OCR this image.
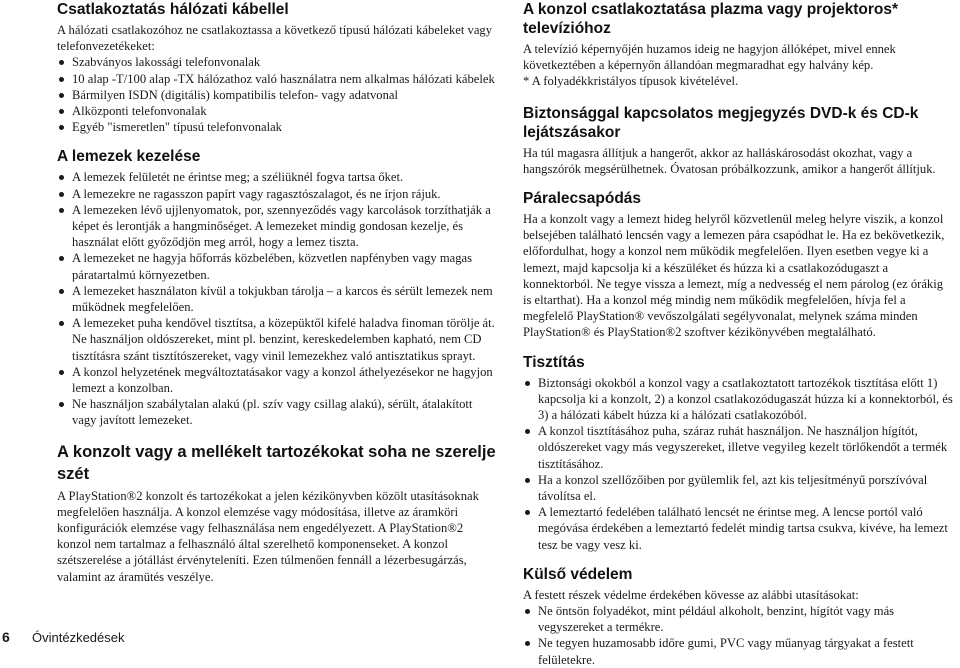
Csatlakoztatás hálózati kábellel

A hálózati csatlakozóhoz ne csatlakoztassa a következő típusú hálózati kábeleket vagy telefonvezetékeket:

Szabványos lakossági telefonvonalak
10 alap -T/100 alap -TX hálózathoz való használatra nem alkalmas hálózati kábelek
Bármilyen ISDN (digitális) kompatibilis telefon- vagy adatvonal
Alközponti telefonvonalak
Egyéb "ismeretlen" típusú telefonvonalak
A lemezek kezelése
A lemezek felületét ne érintse meg; a széliüknél fogva tartsa őket.
A lemezekre ne ragasszon papírt vagy ragasztószalagot, és ne írjon rájuk.
A lemezeken lévő ujjlenyomatok, por, szennyeződés vagy karcolások torzíthatják a képet és lerontják a hangminőséget. A lemezeket mindig gondosan kezelje, és használat előtt győződjön meg arról, hogy a lemez tiszta.
A lemezeket ne hagyja hőforrás közbelében, közvetlen napfényben vagy magas páratartalmú környezetben.
A lemezeket használaton kívül a tokjukban tárolja – a karcos és sérült lemezek nem működnek megfelelően.
A lemezeket puha kendővel tisztítsa, a közepüktől kifelé haladva finoman törölje át. Ne használjon oldószereket, mint pl. benzint, kereskedelemben kapható, nem CD tisztításra szánt tisztítószereket, vagy vinil lemezekhez való antisztatikus sprayt.
A konzol helyzetének megváltoztatásakor vagy a konzol áthelyezésekor ne hagyjon lemezt a konzolban.
Ne használjon szabálytalan alakú (pl. szív vagy csillag alakú), sérült, átalakított vagy javított lemezeket.
A konzolt vagy a mellékelt tartozékokat soha ne szerelje szét

A PlayStation®2 konzolt és tartozékokat a jelen kézikönyvben közölt utasításoknak megfelelően használja. A konzol elemzése vagy módosítása, illetve az áramköri konfigurációk elemzése vagy felhasználása nem engedélyezett. A PlayStation®2 konzol nem tartalmaz a felhasználó által szerelhető komponenseket. A konzol szétszerelése a jótállást érvényteleníti. Ezen túlmenően fennáll a lézerbesugárzás, valamint az áramütés veszélye.

A konzol csatlakoztatása plazma vagy projektoros* televízióhoz

A televízió képernyőjén huzamos ideig ne hagyjon állóképet, mivel ennek következtében a képernyőn állandóan megmaradhat egy halvány kép.

* A folyadékkristályos típusok kivételével.

Biztonsággal kapcsolatos megjegyzés DVD-k és CD-k lejátszásakor

Ha túl magasra állítjuk a hangerőt, akkor az halláskárosodást okozhat, vagy a hangszórók megsérülhetnek. Óvatosan próbálkozzunk, amikor a hangerőt állítjuk.

Páralecsapódás

Ha a konzolt vagy a lemezt hideg helyről közvetlenül meleg helyre viszik, a konzol belsejében található lencsén vagy a lemezen pára csapódhat le. Ha ez bekövetkezik, előfordulhat, hogy a konzol nem működik megfelelően. Ilyen esetben vegye ki a lemezt, majd kapcsolja ki a készüléket és húzza ki a csatlakozódugaszt a konnektorból. Ne tegye vissza a lemezt, míg a nedvesség el nem párolog (ez órákig is eltarthat). Ha a konzol még mindig nem működik megfelelően, hívja fel a megfelelő PlayStation® vevőszolgálati segélyvonalat, melynek száma minden PlayStation® és PlayStation®2 szoftver kézikönyvében megtalálható.

Tisztítás
Biztonsági okokból a konzol vagy a csatlakoztatott tartozékok tisztítása előtt 1) kapcsolja ki a konzolt, 2) a konzol csatlakozódugaszát húzza ki a konnektorból, és 3) a hálózati kábelt húzza ki a hálózati csatlakozóból.
A konzol tisztításához puha, száraz ruhát használjon. Ne használjon hígítót, oldószereket vagy más vegyszereket, illetve vegyileg kezelt törlőkendőt a termék tisztításához.
Ha a konzol szellőzőiben por gyülemlik fel, azt kis teljesítményű porszívóval távolítsa el.
A lemeztartó fedelében található lencsét ne érintse meg. A lencse portól való megóvása érdekében a lemeztartó fedelét mindig tartsa csukva, kivéve, ha lemezt tesz be vagy vesz ki.
Külső védelem

A festett részek védelme érdekében kövesse az alábbi utasításokat:

Ne öntsön folyadékot, mint például alkoholt, benzint, hígítót vagy más vegyszereket a termékre.
Ne tegyen huzamosabb időre gumi, PVC vagy műanyag tárgyakat a festett felületekre.
6 Óvintézkedések
